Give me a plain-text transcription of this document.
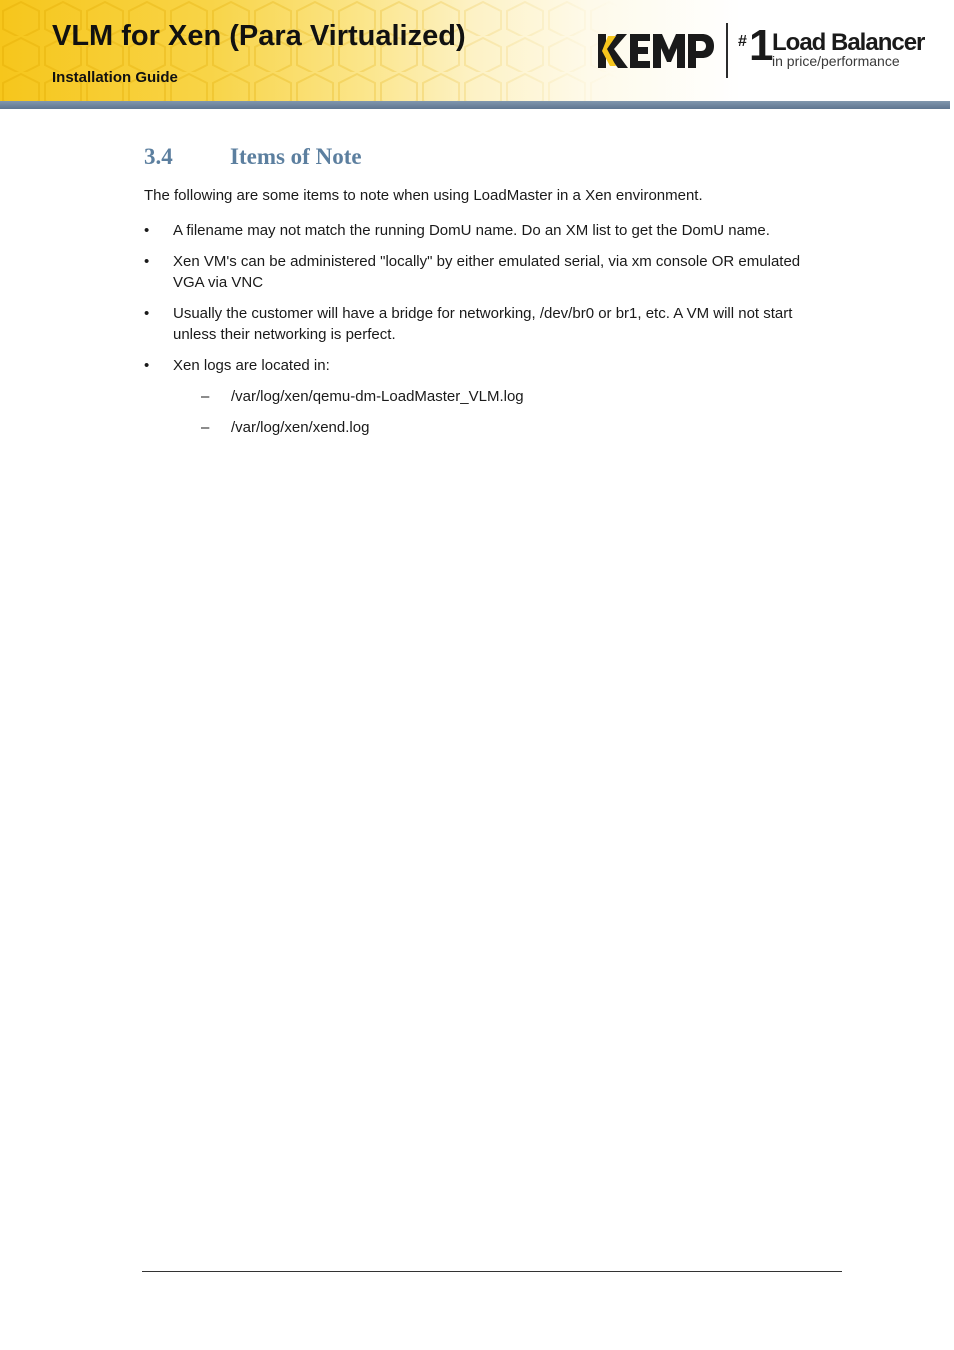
VLM for Xen (Para Virtualized)

Installation Guide

# 1 Load Balancer
in price/performance
3.4 Items of Note

The following are some items to note when using LoadMaster in a Xen environment.

• A filename may not match the running DomU name. Do an XM list to get the DomU name.
• Xen VM's can be administered "locally" by either emulated serial, via xm console OR emulated VGA via VNC
• Usually the customer will have a bridge for networking, /dev/br0 or br1, etc. A VM will not start unless their networking is perfect.
• Xen logs are located in:
– /var/log/xen/qemu-dm-LoadMaster_VLM.log
– /var/log/xen/xend.log
